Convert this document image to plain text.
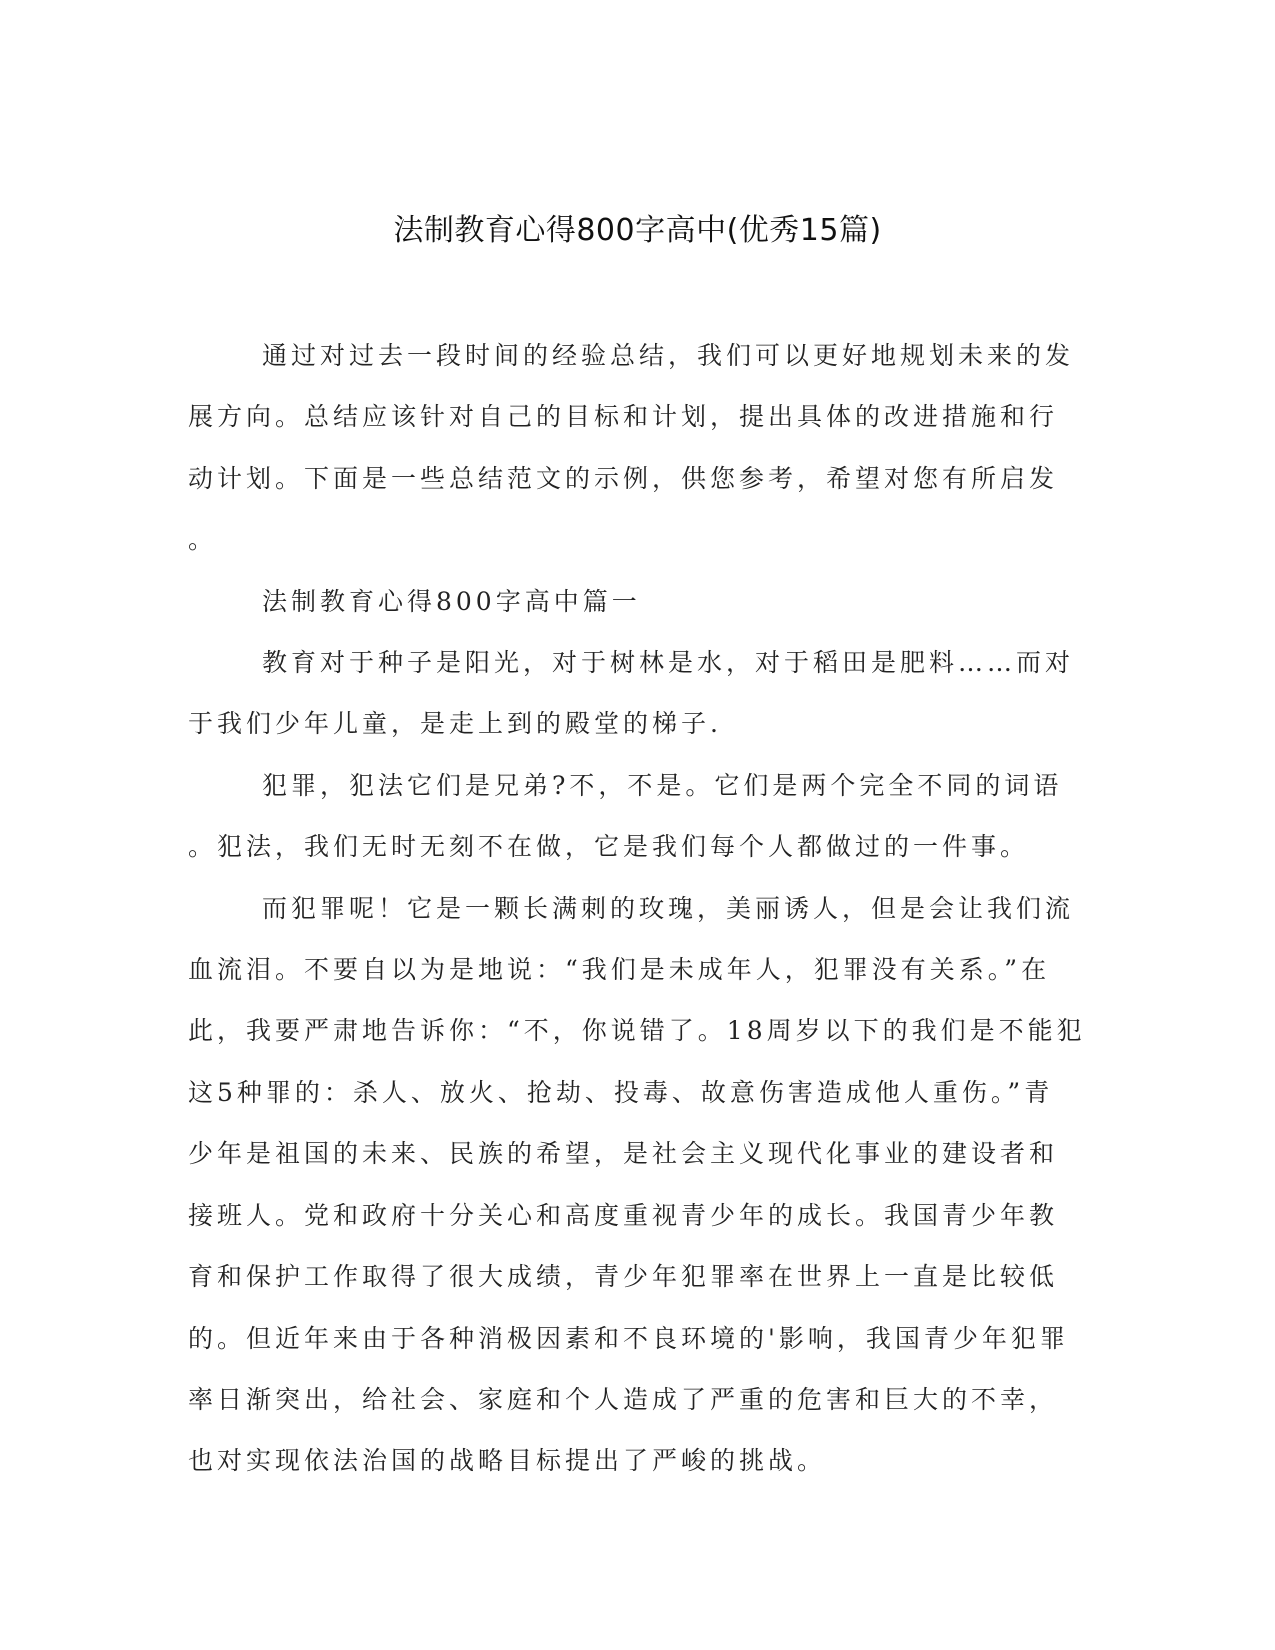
法制教育心得800字高中(优秀15篇)

通过对过去一段时间的经验总结，我们可以更好地规划未来的发
展方向。总结应该针对自己的目标和计划，提出具体的改进措施和行
动计划。下面是一些总结范文的示例，供您参考，希望对您有所启发
。

法制教育心得800字高中篇一

教育对于种子是阳光，对于树林是水，对于稻田是肥料……而对
于我们少年儿童，是走上到的殿堂的梯子.

犯罪，犯法它们是兄弟?不，不是。它们是两个完全不同的词语
。犯法，我们无时无刻不在做，它是我们每个人都做过的一件事。

而犯罪呢！它是一颗长满刺的玫瑰，美丽诱人，但是会让我们流
血流泪。不要自以为是地说：“我们是未成年人，犯罪没有关系。”在
此，我要严肃地告诉你：“不，你说错了。18周岁以下的我们是不能犯
这5种罪的：杀人、放火、抢劫、投毒、故意伤害造成他人重伤。”青
少年是祖国的未来、民族的希望，是社会主义现代化事业的建设者和
接班人。党和政府十分关心和高度重视青少年的成长。我国青少年教
育和保护工作取得了很大成绩，青少年犯罪率在世界上一直是比较低
的。但近年来由于各种消极因素和不良环境的'影响，我国青少年犯罪
率日渐突出，给社会、家庭和个人造成了严重的危害和巨大的不幸，
也对实现依法治国的战略目标提出了严峻的挑战。
